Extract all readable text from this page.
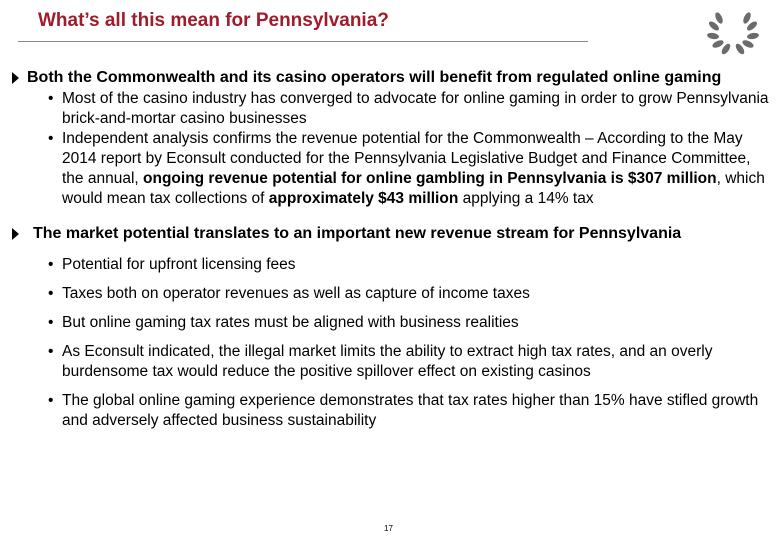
What’s all this mean for Pennsylvania?
Both the Commonwealth and its casino operators will benefit from regulated online gaming
• Most of the casino industry has converged to advocate for online gaming in order to grow Pennsylvania brick-and-mortar casino businesses
• Independent analysis confirms the revenue potential for the Commonwealth – According to the May 2014 report by Econsult conducted for the Pennsylvania Legislative Budget and Finance Committee, the annual, ongoing revenue potential for online gambling in Pennsylvania is $307 million, which would mean tax collections of approximately $43 million applying a 14% tax
The market potential translates to an important new revenue stream for Pennsylvania
• Potential for upfront licensing fees
• Taxes both on operator revenues as well as capture of income taxes
• But online gaming tax rates must be aligned with business realities
• As Econsult indicated, the illegal market limits the ability to extract high tax rates, and an overly burdensome tax would reduce the positive spillover effect on existing casinos
• The global online gaming experience demonstrates that tax rates higher than 15% have stifled growth and adversely affected business sustainability
17
